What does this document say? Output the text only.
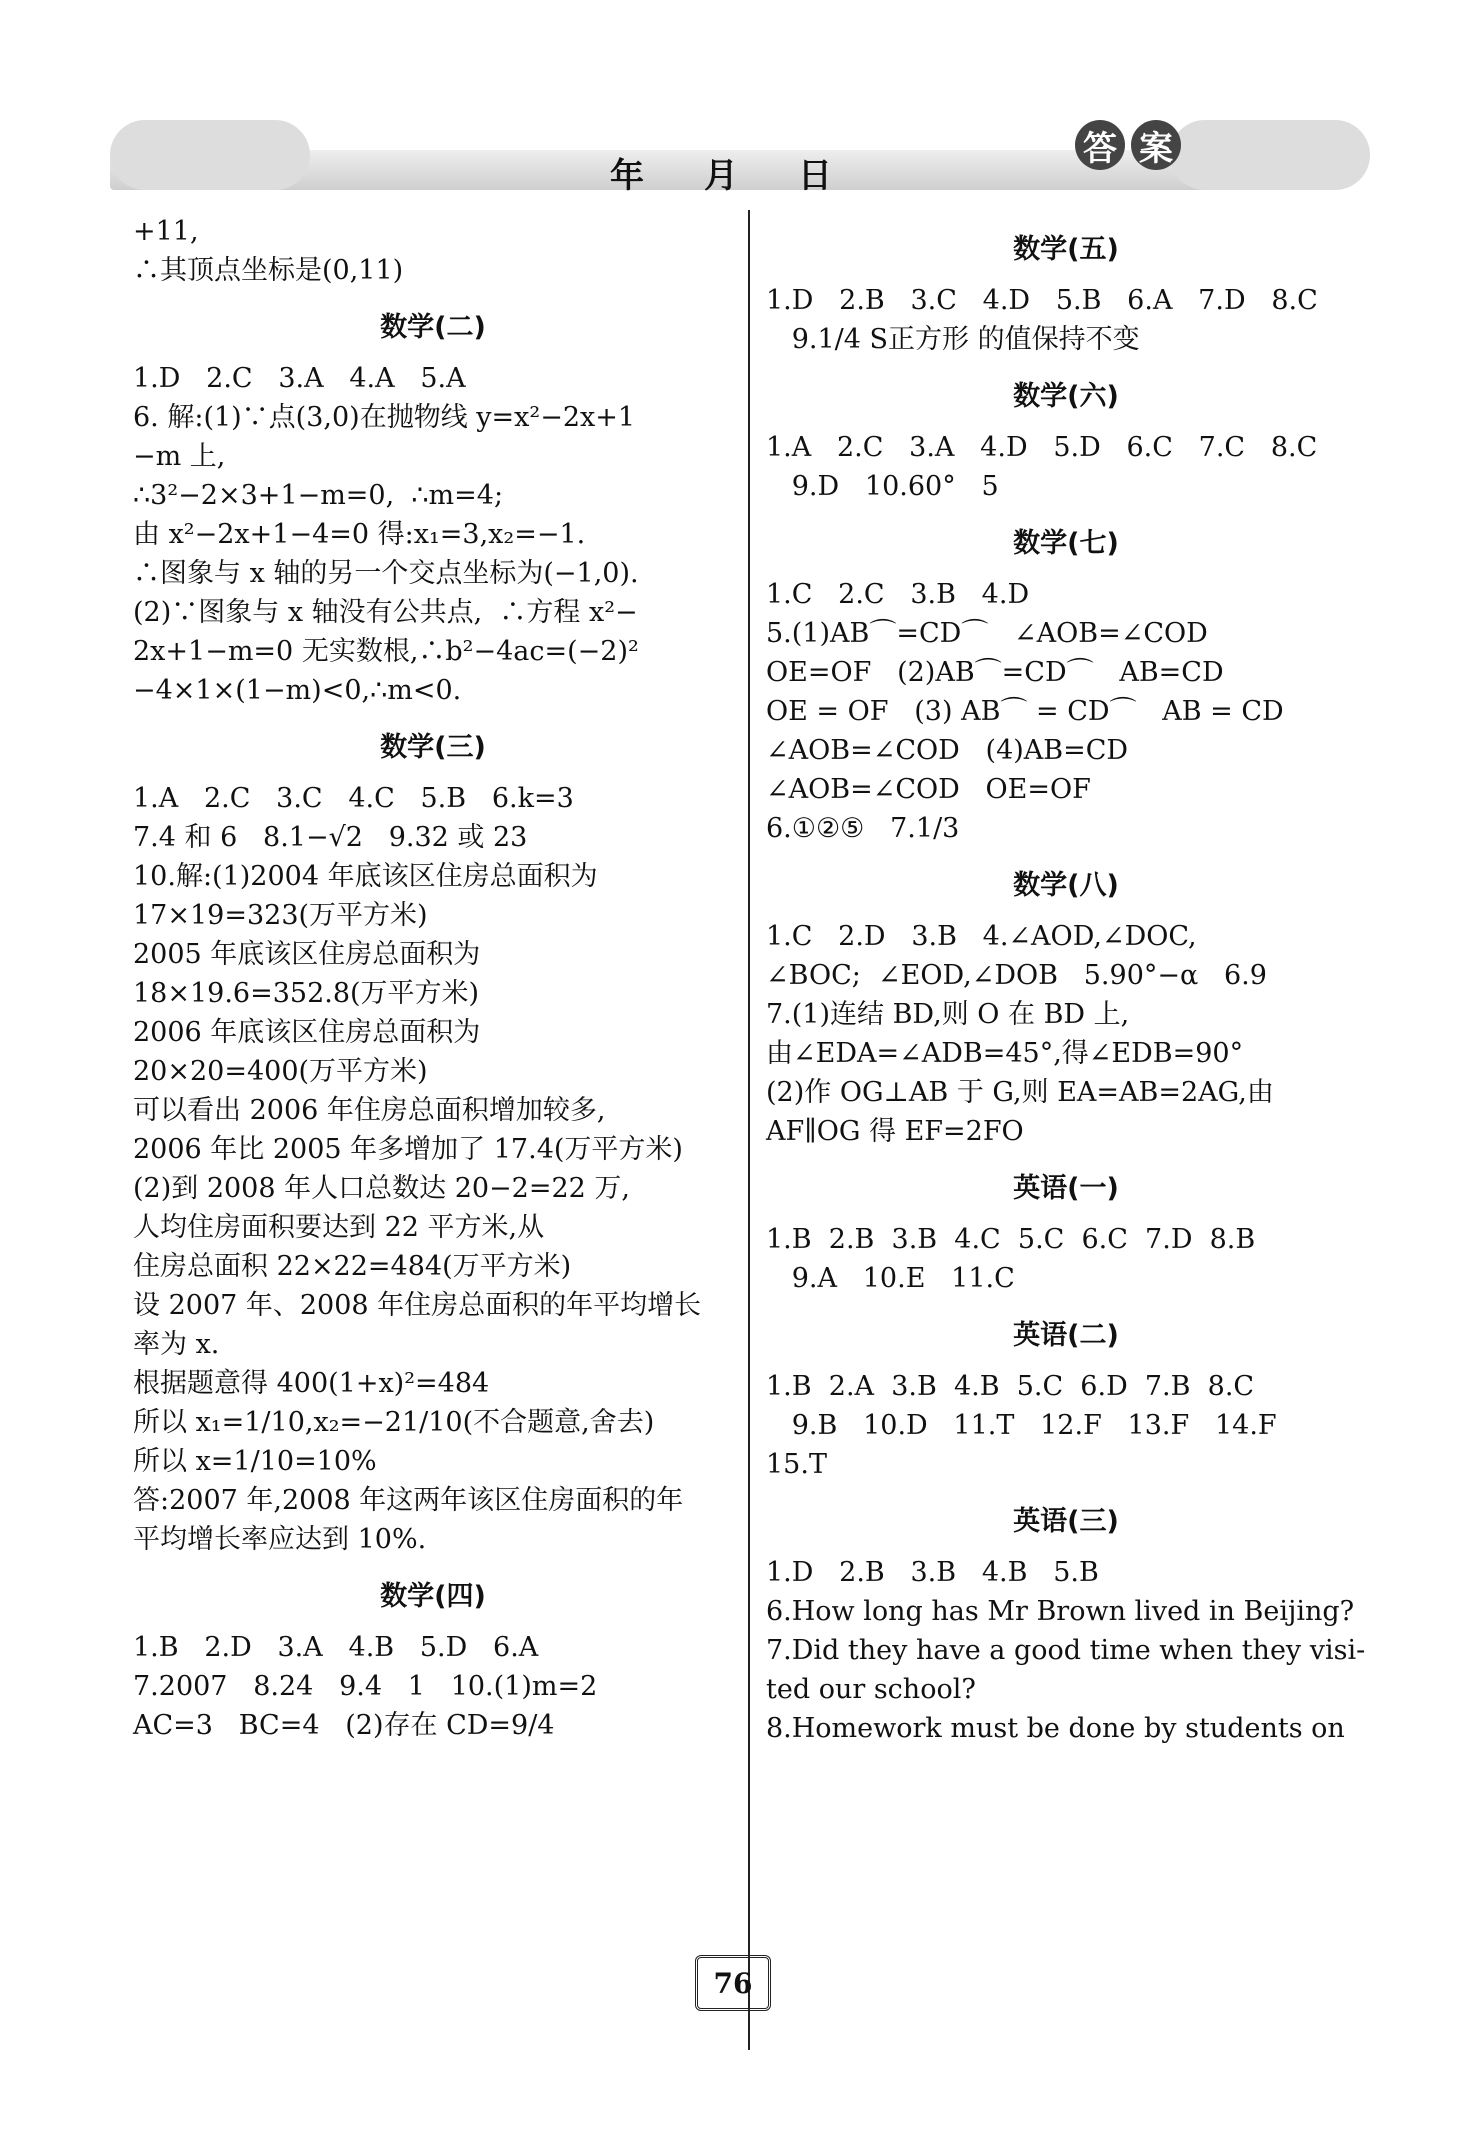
年月日
答 案
+11,
∴其顶点坐标是(0,11)
数学(二)
1.D   2.C   3.A   4.A   5.A
6. 解:(1)∵点(3,0)在抛物线 y=x²−2x+1
−m 上,
∴3²−2×3+1−m=0,  ∴m=4;
由 x²−2x+1−4=0 得:x₁=3,x₂=−1.
∴图象与 x 轴的另一个交点坐标为(−1,0).
(2)∵图象与 x 轴没有公共点,  ∴方程 x²−
2x+1−m=0 无实数根,∴b²−4ac=(−2)²
−4×1×(1−m)<0,∴m<0.
数学(三)
1.A   2.C   3.C   4.C   5.B   6.k=3
7.4 和 6   8.1−√2   9.32 或 23
10.解:(1)2004 年底该区住房总面积为
17×19=323(万平方米)
2005 年底该区住房总面积为
18×19.6=352.8(万平方米)
2006 年底该区住房总面积为
20×20=400(万平方米)
可以看出 2006 年住房总面积增加较多,
2006 年比 2005 年多增加了 17.4(万平方米)
(2)到 2008 年人口总数达 20−2=22 万,
人均住房面积要达到 22 平方米,从
住房总面积 22×22=484(万平方米)
设 2007 年、2008 年住房总面积的年平均增长
率为 x.
根据题意得 400(1+x)²=484
所以 x₁=1/10,x₂=−21/10(不合题意,舍去)
所以 x=1/10=10%
答:2007 年,2008 年这两年该区住房面积的年
平均增长率应达到 10%.
数学(四)
1.B   2.D   3.A   4.B   5.D   6.A
7.2007   8.24   9.4   1   10.(1)m=2
AC=3   BC=4   (2)存在 CD=9/4
数学(五)
1.D   2.B   3.C   4.D   5.B   6.A   7.D   8.C
9.1/4 S正方形 的值保持不变
数学(六)
1.A   2.C   3.A   4.D   5.D   6.C   7.C   8.C
9.D   10.60°   5
数学(七)
1.C   2.C   3.B   4.D
5.(1)AB⌒=CD⌒   ∠AOB=∠COD
OE=OF   (2)AB⌒=CD⌒   AB=CD
OE = OF   (3) AB⌒ = CD⌒   AB = CD
∠AOB=∠COD   (4)AB=CD
∠AOB=∠COD   OE=OF
6.①②⑤   7.1/3
数学(八)
1.C   2.D   3.B   4.∠AOD,∠DOC,
∠BOC;  ∠EOD,∠DOB   5.90°−α   6.9
7.(1)连结 BD,则 O 在 BD 上,
由∠EDA=∠ADB=45°,得∠EDB=90°
(2)作 OG⊥AB 于 G,则 EA=AB=2AG,由
AF∥OG 得 EF=2FO
英语(一)
1.B  2.B  3.B  4.C  5.C  6.C  7.D  8.B
9.A   10.E   11.C
英语(二)
1.B  2.A  3.B  4.B  5.C  6.D  7.B  8.C
9.B   10.D   11.T   12.F   13.F   14.F
15.T
英语(三)
1.D   2.B   3.B   4.B   5.B
6.How long has Mr Brown lived in Beijing?
7.Did they have a good time when they visi-
ted our school?
8.Homework must be done by students on
76
